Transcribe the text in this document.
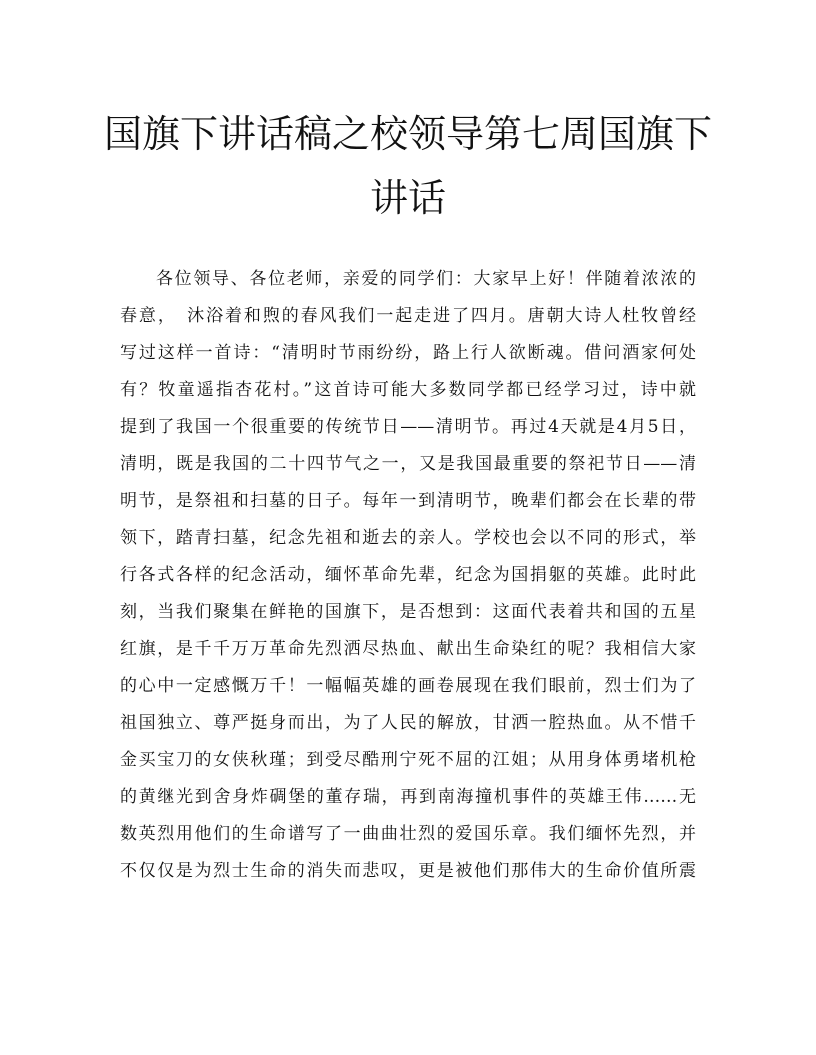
国旗下讲话稿之校领导第七周国旗下讲话
各位领导、各位老师，亲爱的同学们：大家早上好！伴随着浓浓的
春意，　沐浴着和煦的春风我们一起走进了四月。唐朝大诗人杜牧曾经
写过这样一首诗：“清明时节雨纷纷，路上行人欲断魂。借问酒家何处
有？牧童遥指杏花村。”这首诗可能大多数同学都已经学习过，诗中就
提到了我国一个很重要的传统节日——清明节。再过4天就是4月5日，
清明，既是我国的二十四节气之一，又是我国最重要的祭祀节日——清
明节，是祭祖和扫墓的日子。每年一到清明节，晚辈们都会在长辈的带
领下，踏青扫墓，纪念先祖和逝去的亲人。学校也会以不同的形式，举
行各式各样的纪念活动，缅怀革命先辈，纪念为国捐躯的英雄。此时此
刻，当我们聚集在鲜艳的国旗下，是否想到：这面代表着共和国的五星
红旗，是千千万万革命先烈洒尽热血、献出生命染红的呢？我相信大家
的心中一定感慨万千！一幅幅英雄的画卷展现在我们眼前，烈士们为了
祖国独立、尊严挺身而出，为了人民的解放，甘洒一腔热血。从不惜千
金买宝刀的女侠秋瑾；到受尽酷刑宁死不屈的江姐；从用身体勇堵机枪
的黄继光到舍身炸碉堡的董存瑞，再到南海撞机事件的英雄王伟……无
数英烈用他们的生命谱写了一曲曲壮烈的爱国乐章。我们缅怀先烈，并
不仅仅是为烈士生命的消失而悲叹，更是被他们那伟大的生命价值所震
